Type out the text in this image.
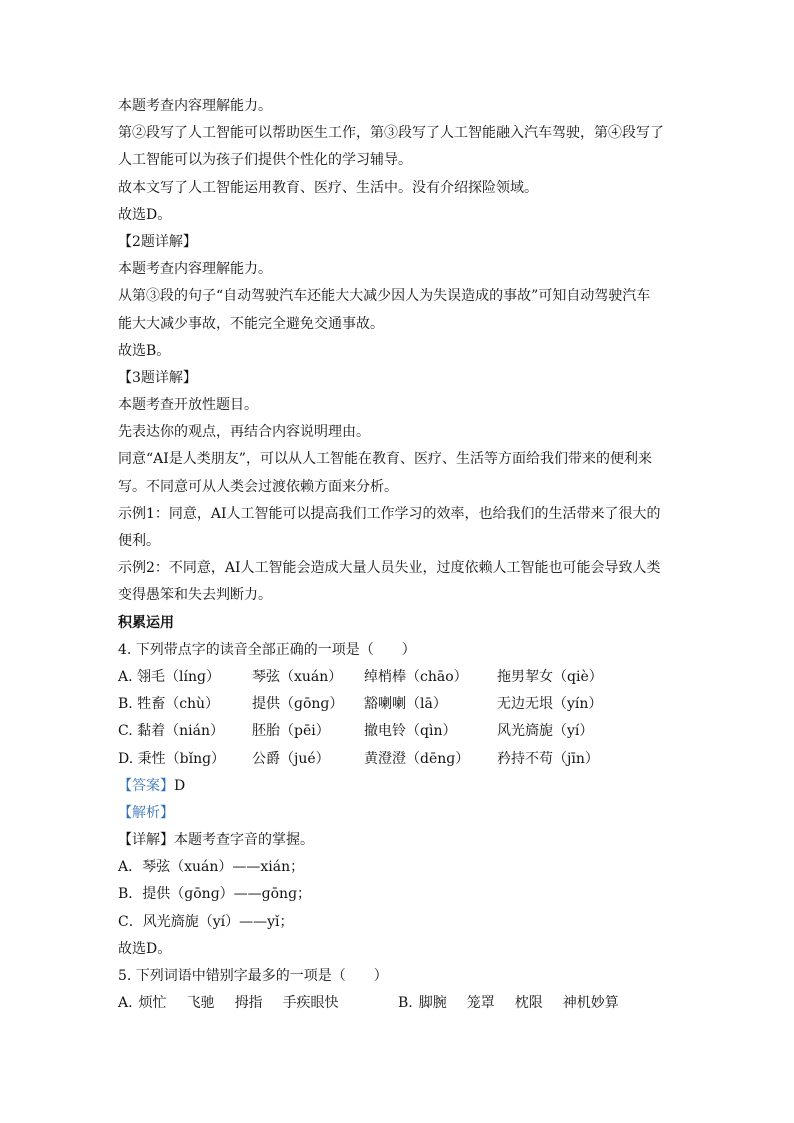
本题考查内容理解能力。
第②段写了人工智能可以帮助医生工作，第③段写了人工智能融入汽车驾驶，第④段写了
人工智能可以为孩子们提供个性化的学习辅导。
故本文写了人工智能运用教育、医疗、生活中。没有介绍探险领域。
故选D。
【2题详解】
本题考查内容理解能力。
从第③段的句子“自动驾驶汽车还能大大减少因人为失误造成的事故”可知自动驾驶汽车
能大大减少事故，不能完全避免交通事故。
故选B。
【3题详解】
本题考查开放性题目。
先表达你的观点，再结合内容说明理由。
同意“AI是人类朋友”，可以从人工智能在教育、医疗、生活等方面给我们带来的便利来
写。不同意可从人类会过渡依赖方面来分析。
示例1：同意，AI人工智能可以提高我们工作学习的效率，也给我们的生活带来了很大的
便利。
示例2：不同意，AI人工智能会造成大量人员失业，过度依赖人工智能也可能会导致人类
变得愚笨和失去判断力。
积累运用
4. 下列带点字的读音全部正确的一项是（　　）
A. 翎毛（línɡ）	琴弦（xuán）	绰梢棒（chāo）	拖男挈女（qiè）
B. 牲畜（chù）	提供（ɡōnɡ）	豁喇喇（lā）	无边无垠（yín）
C. 黏着（nián）	胚胎（pēi）	撤电铃（qìn）	风光旖旎（yí）
D. 秉性（bǐnɡ）	公爵（jué）	黄澄澄（dēnɡ）	矜持不苟（jīn）
【答案】D
【解析】
【详解】本题考查字音的掌握。
A．琴弦（xuán）——xián；
B．提供（ɡōnɡ）——ɡōnɡ；
C．风光旖旎（yí）——yǐ；
故选D。
5. 下列词语中错别字最多的一项是（　　）
A. 烦忙 飞驰 拇指 手疾眼快	B. 脚腕 笼罩 枕限 神机妙算
